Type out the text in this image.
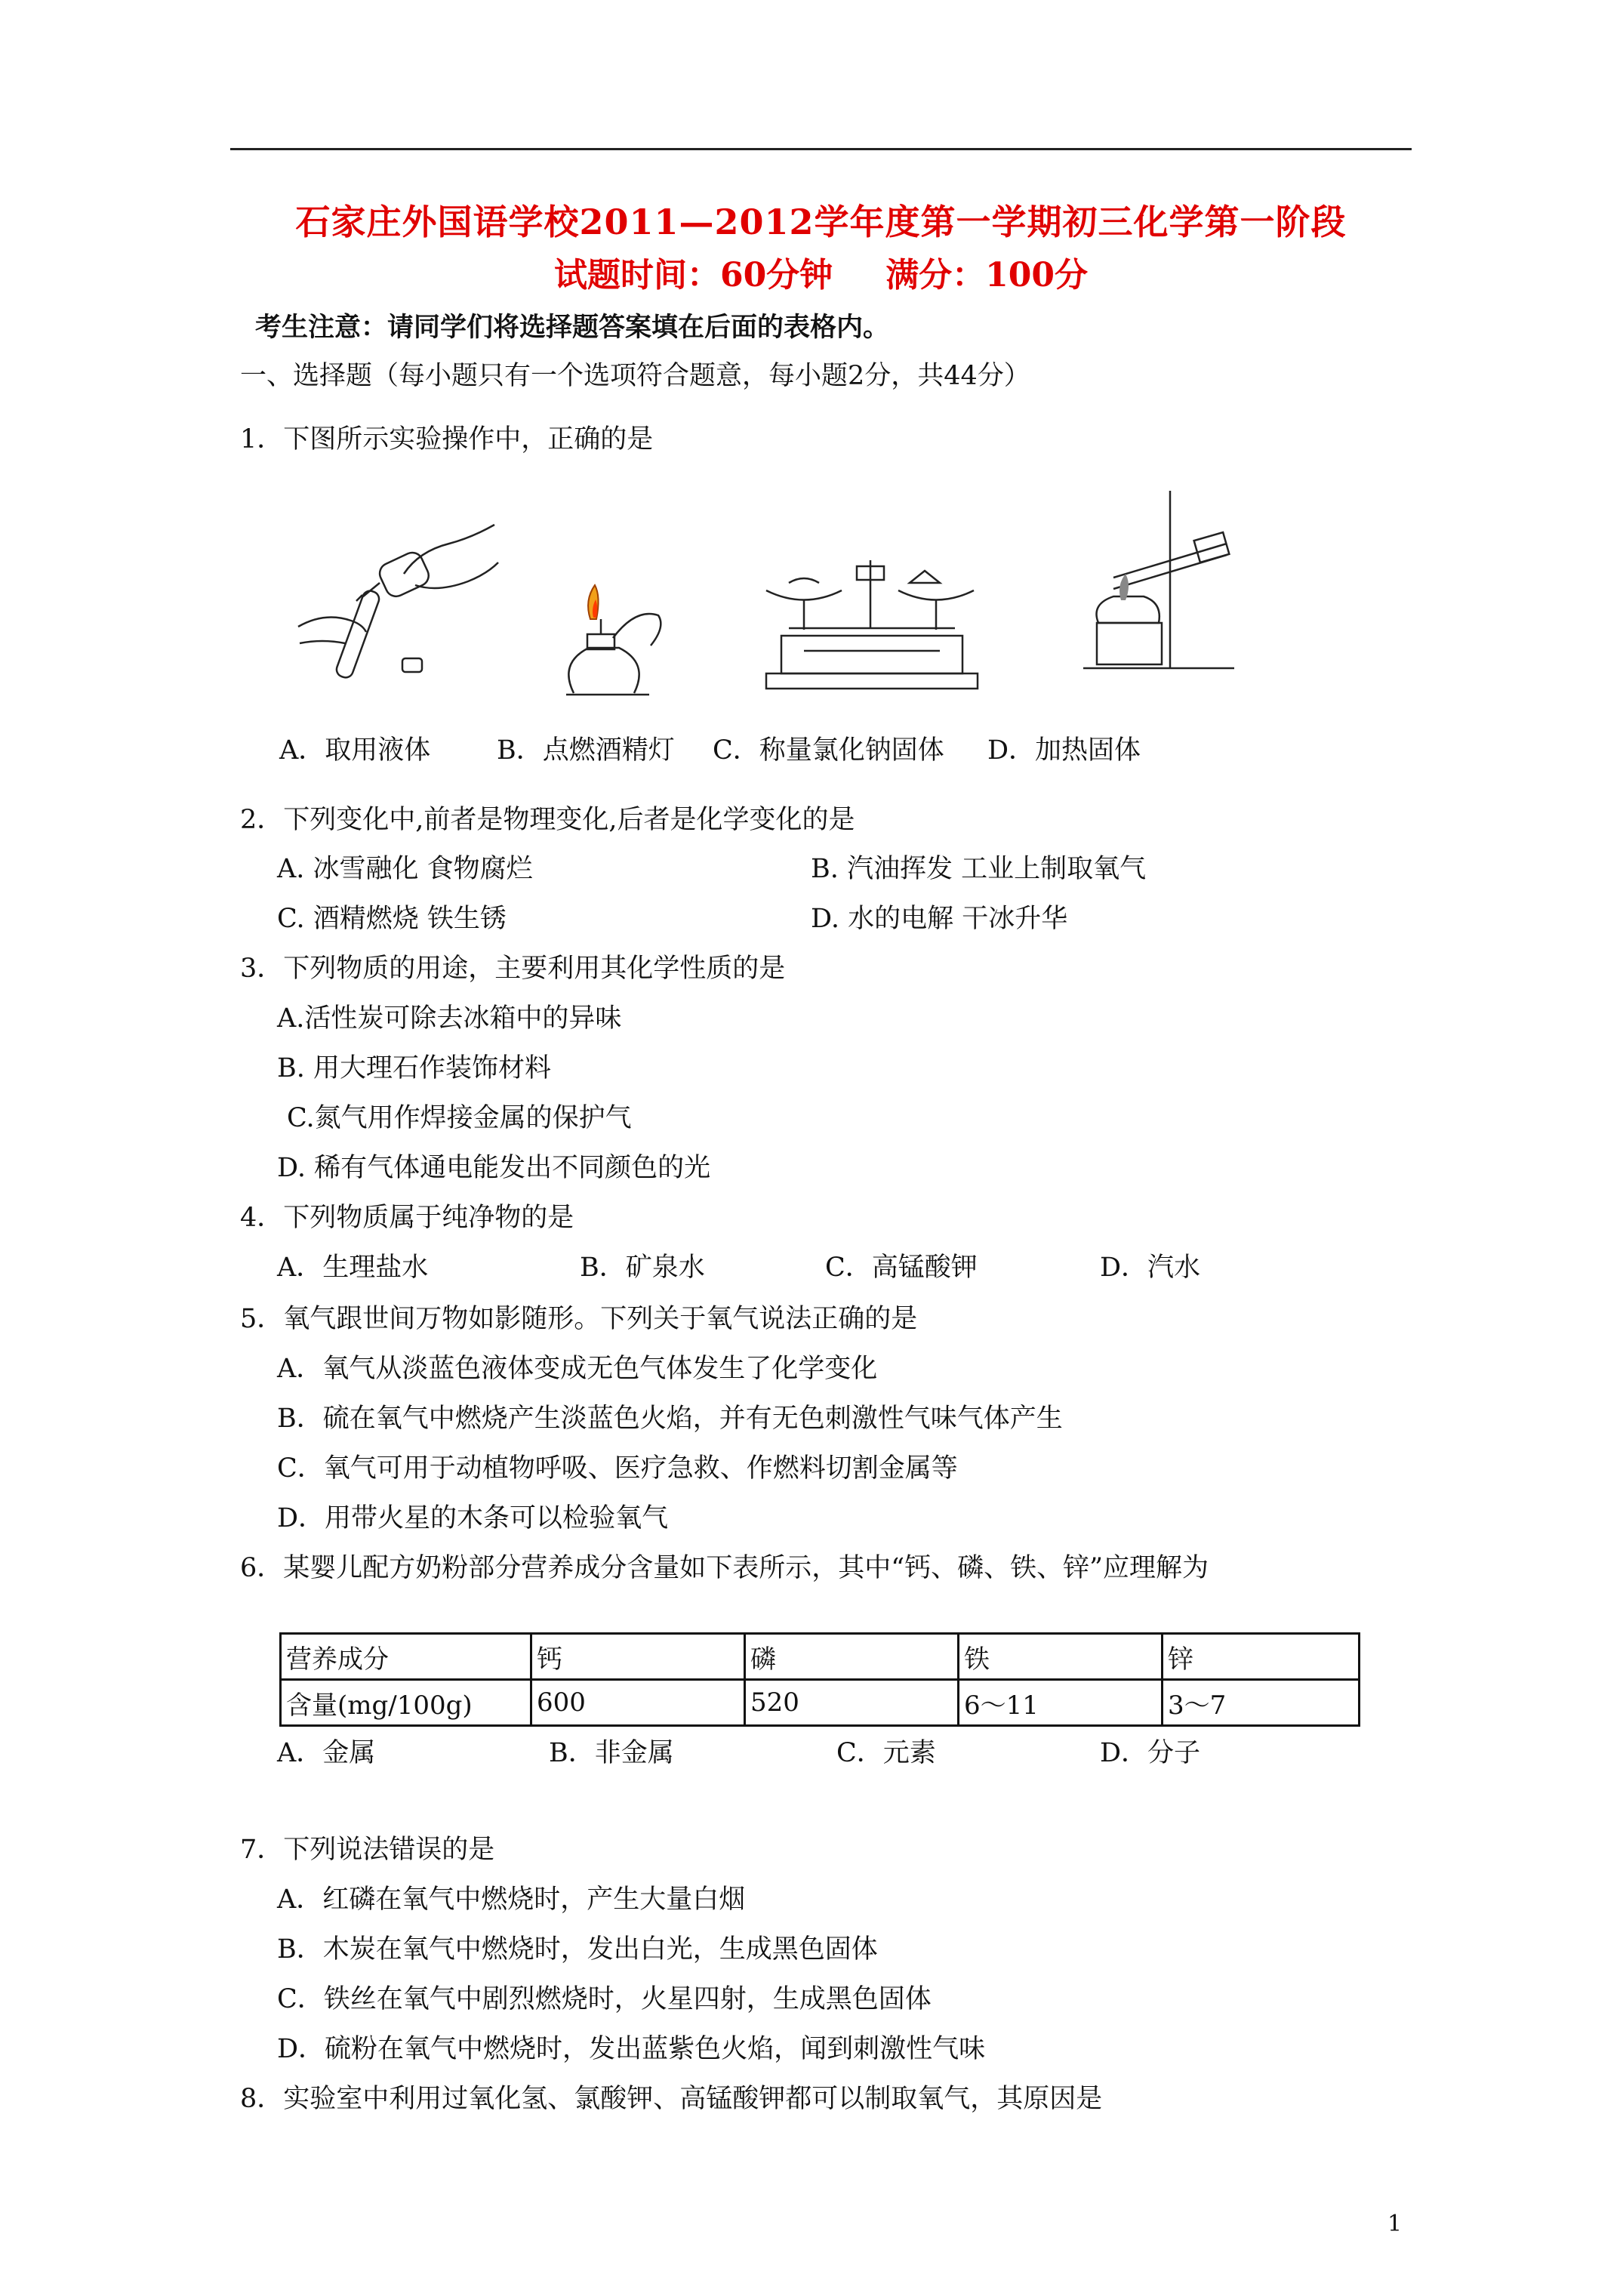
石家庄外国语学校2011—2012学年度第一学期初三化学第一阶段
试题时间：60分钟 满分：100分
考生注意：请同学们将选择题答案填在后面的表格内。
一、选择题（每小题只有一个选项符合题意，每小题2分，共44分）
1．下图所示实验操作中，正确的是
A．取用液体	B．点燃酒精灯 C．称量氯化钠固体 D．加热固体
2．下列变化中,前者是物理变化,后者是化学变化的是
A. 冰雪融化 食物腐烂	B. 汽油挥发 工业上制取氧气
C. 酒精燃烧 铁生锈	D. 水的电解 干冰升华
3．下列物质的用途，主要利用其化学性质的是
A.活性炭可除去冰箱中的异味
B. 用大理石作装饰材料
C.氮气用作焊接金属的保护气
D. 稀有气体通电能发出不同颜色的光
4．下列物质属于纯净物的是
A．生理盐水	B．矿泉水	C．高锰酸钾	D．汽水
5．氧气跟世间万物如影随形。下列关于氧气说法正确的是
A．氧气从淡蓝色液体变成无色气体发生了化学变化
B．硫在氧气中燃烧产生淡蓝色火焰，并有无色刺激性气味气体产生
C．氧气可用于动植物呼吸、医疗急救、作燃料切割金属等
D．用带火星的木条可以检验氧气
6．某婴儿配方奶粉部分营养成分含量如下表所示，其中“钙、磷、铁、锌”应理解为
营养成分	钙	磷	铁	锌
含量(mg/100g)	600	520	6～11	3～7
A．金属	B．非金属	C．元素	D．分子
7．下列说法错误的是
A．红磷在氧气中燃烧时，产生大量白烟
B．木炭在氧气中燃烧时，发出白光，生成黑色固体
C．铁丝在氧气中剧烈燃烧时，火星四射，生成黑色固体
D．硫粉在氧气中燃烧时，发出蓝紫色火焰，闻到刺激性气味
8．实验室中利用过氧化氢、氯酸钾、高锰酸钾都可以制取氧气，其原因是
1
